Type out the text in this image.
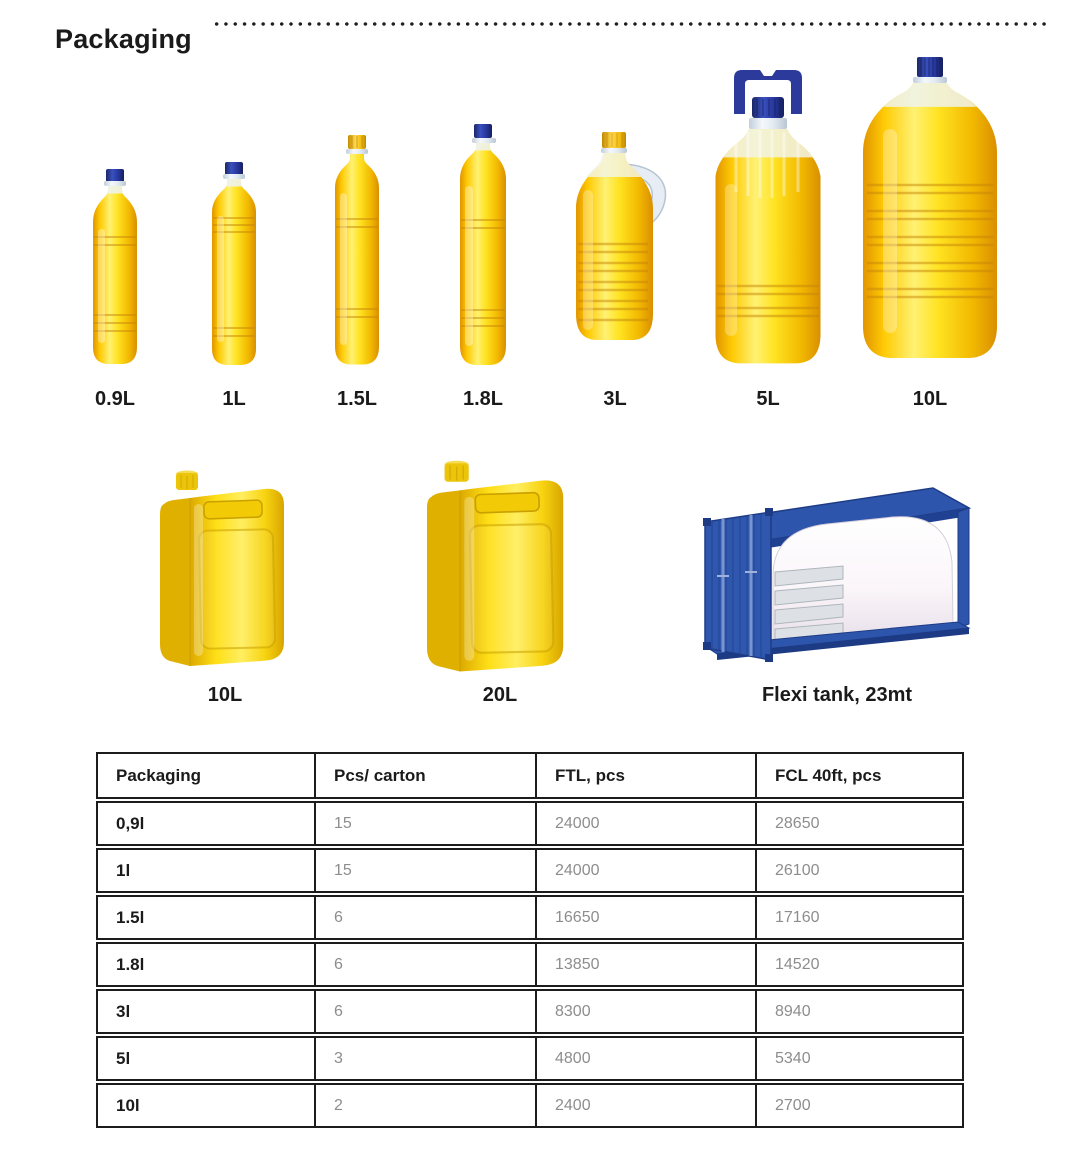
Packaging
0.9L	1L	1.5L	1.8L	3L	5L	10L
10L	20L	Flexi tank, 23mt
Packaging	Pcs/ carton	FTL, pcs	FCL 40ft, pcs
0,9l	15	24000	28650
1l	15	24000	26100
1.5l	6	16650	17160
1.8l	6	13850	14520
3l	6	8300	8940
5l	3	4800	5340
10l	2	2400	2700
